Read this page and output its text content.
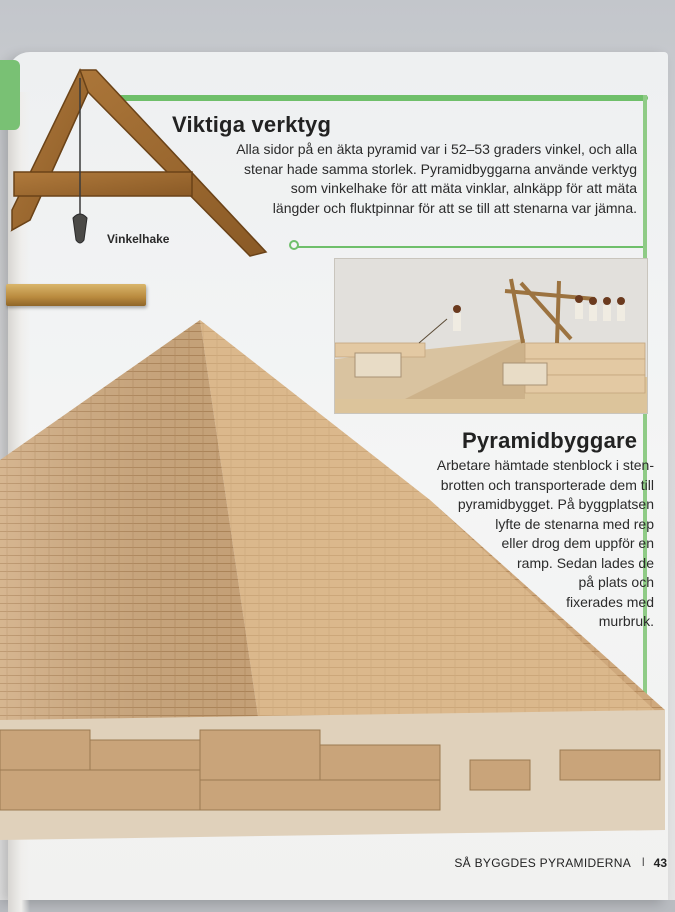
Viktiga verktyg
Alla sidor på en äkta pyramid var i 52–53 graders vinkel, och alla
stenar hade samma storlek. Pyramidbyggarna använde verktyg
som vinkelhake för att mäta vinklar, alnkäpp för att mäta
längder och fluktpinnar för att se till att stenarna var jämna.
Vinkelhake
Pyramidbyggare
Arbetare hämtade stenblock i sten-
brotten och transporterade dem till
pyramidbygget. På byggplatsen
lyfte de stenarna med rep
eller drog dem uppför en
ramp. Sedan lades de
på plats och
fixerades med
murbruk.
SÅ BYGGDES PYRAMIDERNA I 43
